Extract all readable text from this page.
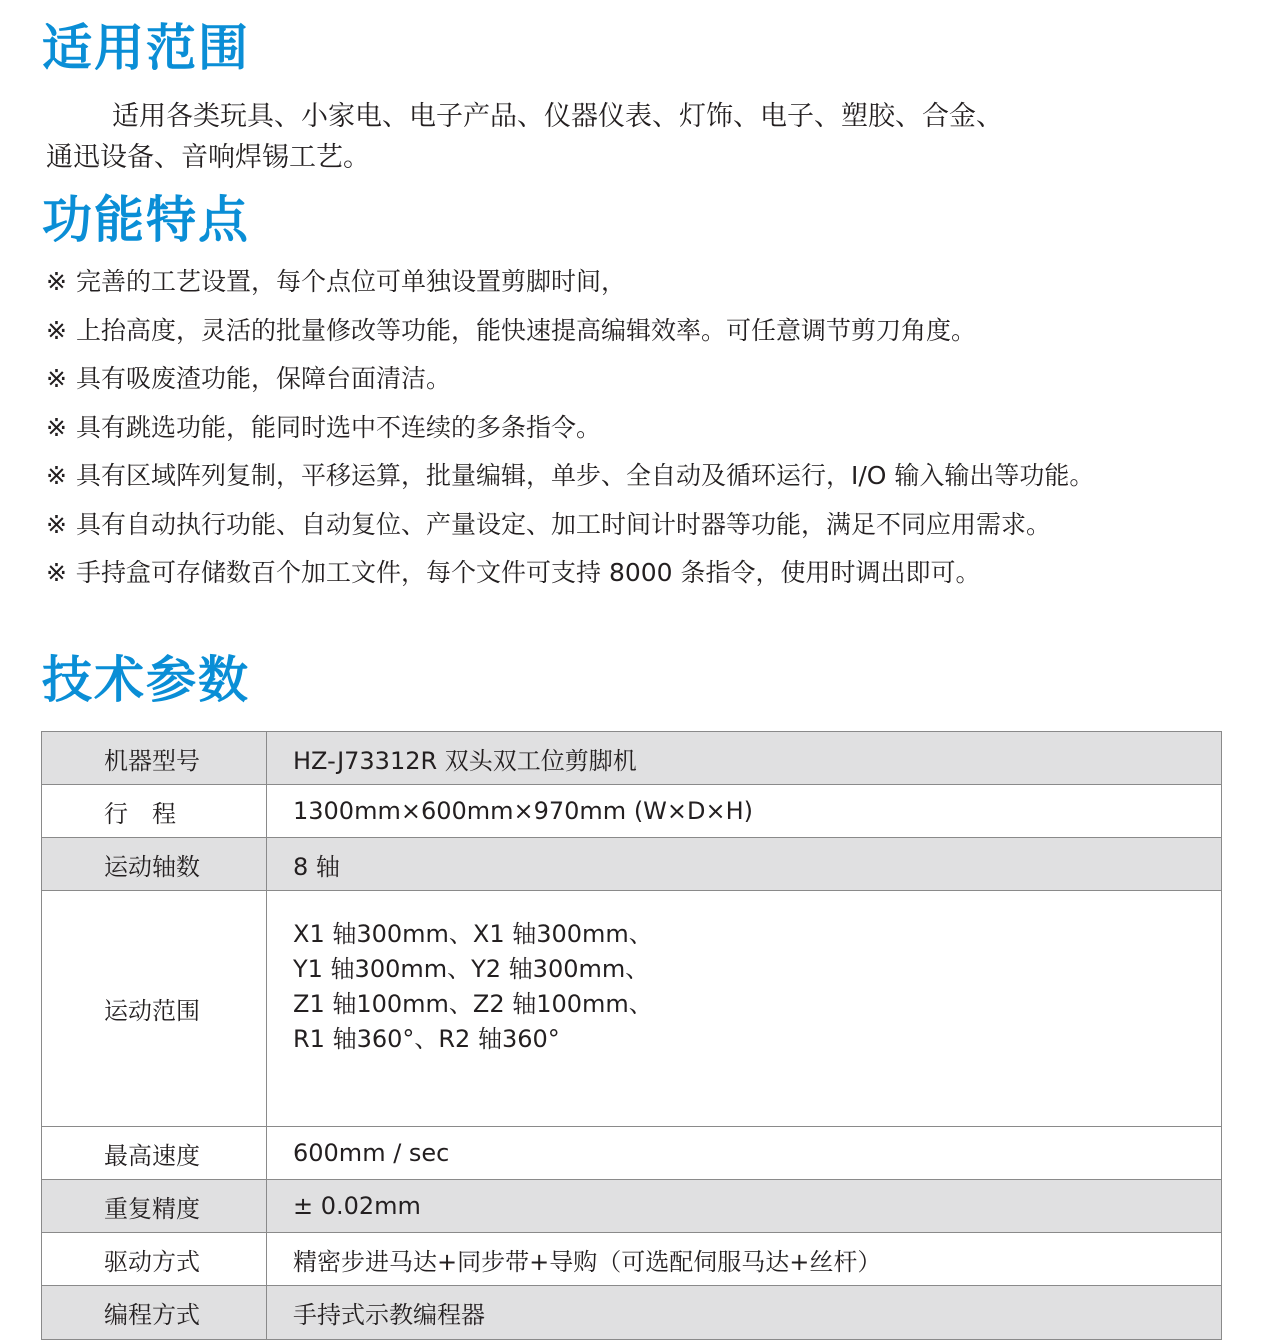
适用范围

适用各类玩具、小家电、电子产品、仪器仪表、灯饰、电子、塑胶、合金、
通迅设备、音响焊锡工艺。

功能特点
※ 完善的工艺设置，每个点位可单独设置剪脚时间，
※ 上抬高度，灵活的批量修改等功能，能快速提高编辑效率。可任意调节剪刀角度。
※ 具有吸废渣功能，保障台面清洁。
※ 具有跳选功能，能同时选中不连续的多条指令。
※ 具有区域阵列复制，平移运算，批量编辑，单步、全自动及循环运行，I/O 输入输出等功能。
※ 具有自动执行功能、自动复位、产量设定、加工时间计时器等功能，满足不同应用需求。
※ 手持盒可存储数百个加工文件，每个文件可支持 8000 条指令，使用时调出即可。
技术参数
机器型号	HZ-J73312R 双头双工位剪脚机
行　程	1300mm×600mm×970mm (W×D×H)
运动轴数	8 轴
运动范围	X1 轴300mm、X1 轴300mm、
Y1 轴300mm、Y2 轴300mm、
Z1 轴100mm、Z2 轴100mm、
R1 轴360°、R2 轴360°

最高速度	600mm / sec
重复精度	± 0.02mm
驱动方式	精密步进马达+同步带+导购（可选配伺服马达+丝杆）
编程方式	手持式示教编程器
